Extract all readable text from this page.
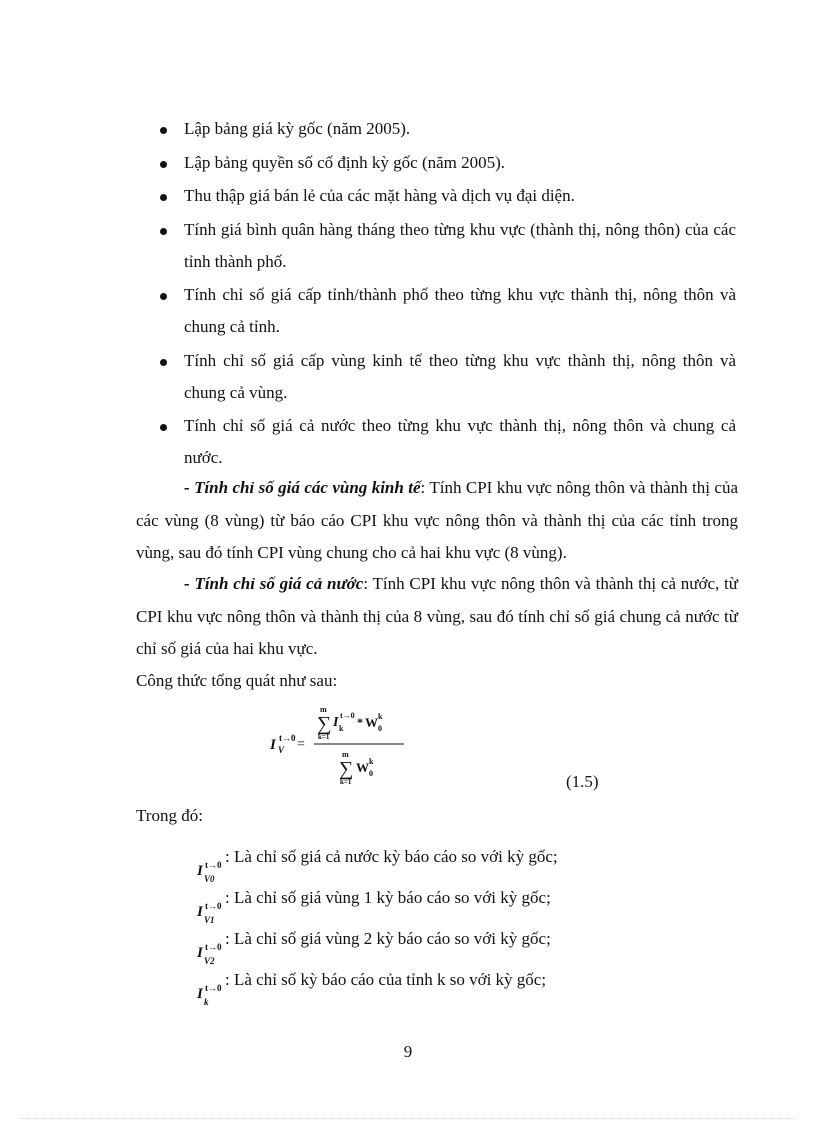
Lập bảng giá kỳ gốc (năm 2005).
Lập bảng quyền số cố định kỳ gốc (năm 2005).
Thu thập giá bán lẻ của các mặt hàng và dịch vụ đại diện.
Tính giá bình quân hàng tháng theo từng khu vực (thành thị, nông thôn) của các tỉnh thành phố.
Tính chỉ số giá cấp tỉnh/thành phố theo từng khu vực thành thị, nông thôn và chung cả tỉnh.
Tính chỉ số giá cấp vùng kinh tế theo từng khu vực thành thị, nông thôn và chung cả vùng.
Tính chỉ số giá cả nước theo từng khu vực thành thị, nông thôn và chung cả nước.

- Tính chỉ số giá các vùng kinh tế: Tính CPI khu vực nông thôn và thành thị của các vùng (8 vùng) từ báo cáo CPI khu vực nông thôn và thành thị của các tỉnh trong vùng, sau đó tính CPI vùng chung cho cả hai khu vực (8 vùng).

- Tính chỉ số giá cả nước: Tính CPI khu vực nông thôn và thành thị cả nước, từ CPI khu vực nông thôn và thành thị của 8 vùng, sau đó tính chỉ số giá chung cả nước từ chỉ số giá của hai khu vực.

Công thức tổng quát như sau:

I t→0
V =
m
∑
k=1
I t→0
k * W 0
k
m
∑
k=1
W 0
k
(1.5)

Trong đó:

I t→0
V0
: Là chỉ số giá cả nước kỳ báo cáo so với kỳ gốc;
I t→0
V1
: Là chỉ số giá vùng 1 kỳ báo cáo so với kỳ gốc;
I t→0
V2
: Là chỉ số giá vùng 2 kỳ báo cáo so với kỳ gốc;
I t→0
k
: Là chỉ số kỳ báo cáo của tỉnh k so với kỳ gốc;
9
